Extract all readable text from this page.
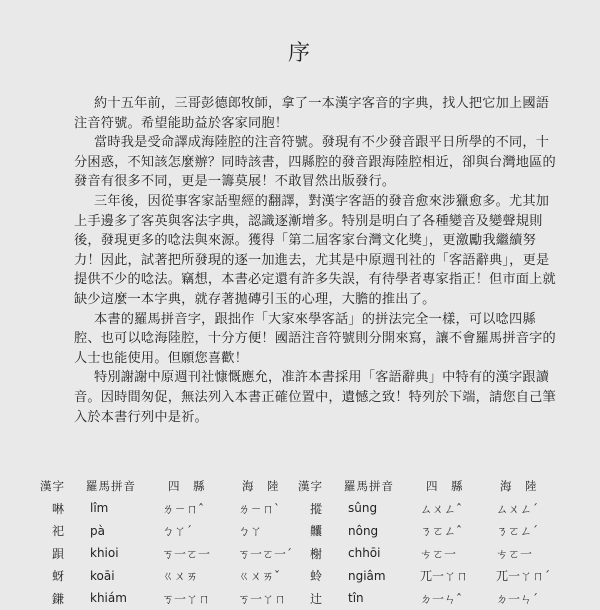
序
約十五年前，三哥彭德郎牧師，拿了一本漢字客音的字典，找人把它加上國語
注音符號。希望能助益於客家同胞！
當時我是受命譯成海陸腔的注音符號。發現有不少發音跟平日所學的不同，十
分困惑，不知該怎麼辦？同時該書，四縣腔的發音跟海陸腔相近，卻與台灣地區的
發音有很多不同，更是一籌莫展！不敢冒然出版發行。
三年後，因從事客家話聖經的翻譯，對漢字客語的發音愈來涉獵愈多。尤其加
上手邊多了客英與客法字典，認識逐漸增多。特別是明白了各種變音及變聲規則
後，發現更多的唸法與來源。獲得「第二屆客家台灣文化獎」，更激勵我繼續努
力！因此，試著把所發現的逐一加進去，尤其是中原週刊社的「客語辭典」，更是
提供不少的唸法。竊想，本書必定還有許多失誤，有待學者專家指正！但市面上就
缺少這麼一本字典，就存著拋磚引玉的心理，大膽的推出了。
本書的羅馬拼音字，跟拙作「大家來學客話」的拼法完全一樣，可以唸四縣
腔、也可以唸海陸腔，十分方便！國語注音符號則分開來寫，讓不會羅馬拼音字的
人士也能使用。但願您喜歡！
特別謝謝中原週刊社慷慨應允，准許本書採用「客語辭典」中特有的漢字跟讀
音。因時間匆促，無法列入本書正確位置中，遺憾之致！特列於下端，請您自己筆
入於本書行列中是祈。
漢字	羅馬拼音	四　縣	海　陸
啉	lîm	ㄌㄧㄇˆ	ㄌㄧㄇˋ
祀	pà	ㄅㄚˊ	ㄅㄚ
䟺	khioi	ㄎ一ㄛ一	ㄎ一ㄛ一ˊ
蚜	koāi	ㄍㄨㄞ	ㄍㄨㄞˇ
鎌	khiám	ㄎ一ㄚㄇ	ㄎ一ㄚㄇ
漢字	羅馬拼音	四　縣	海　陸
摐	sûng	ㄙㄨㄥˆ	ㄙㄨㄥˊ
齉	nông	ㄋㄛㄥˆ	ㄋㄛㄥˊ
榭	chhōi	ㄘㄛ一	ㄘㄛ一
蛉	ngiâm	ㄫ一ㄚㄇ	ㄫ一ㄚㄇˊ
辻	tîn	ㄉ一ㄣˆ	ㄉ一ㄣˊ
